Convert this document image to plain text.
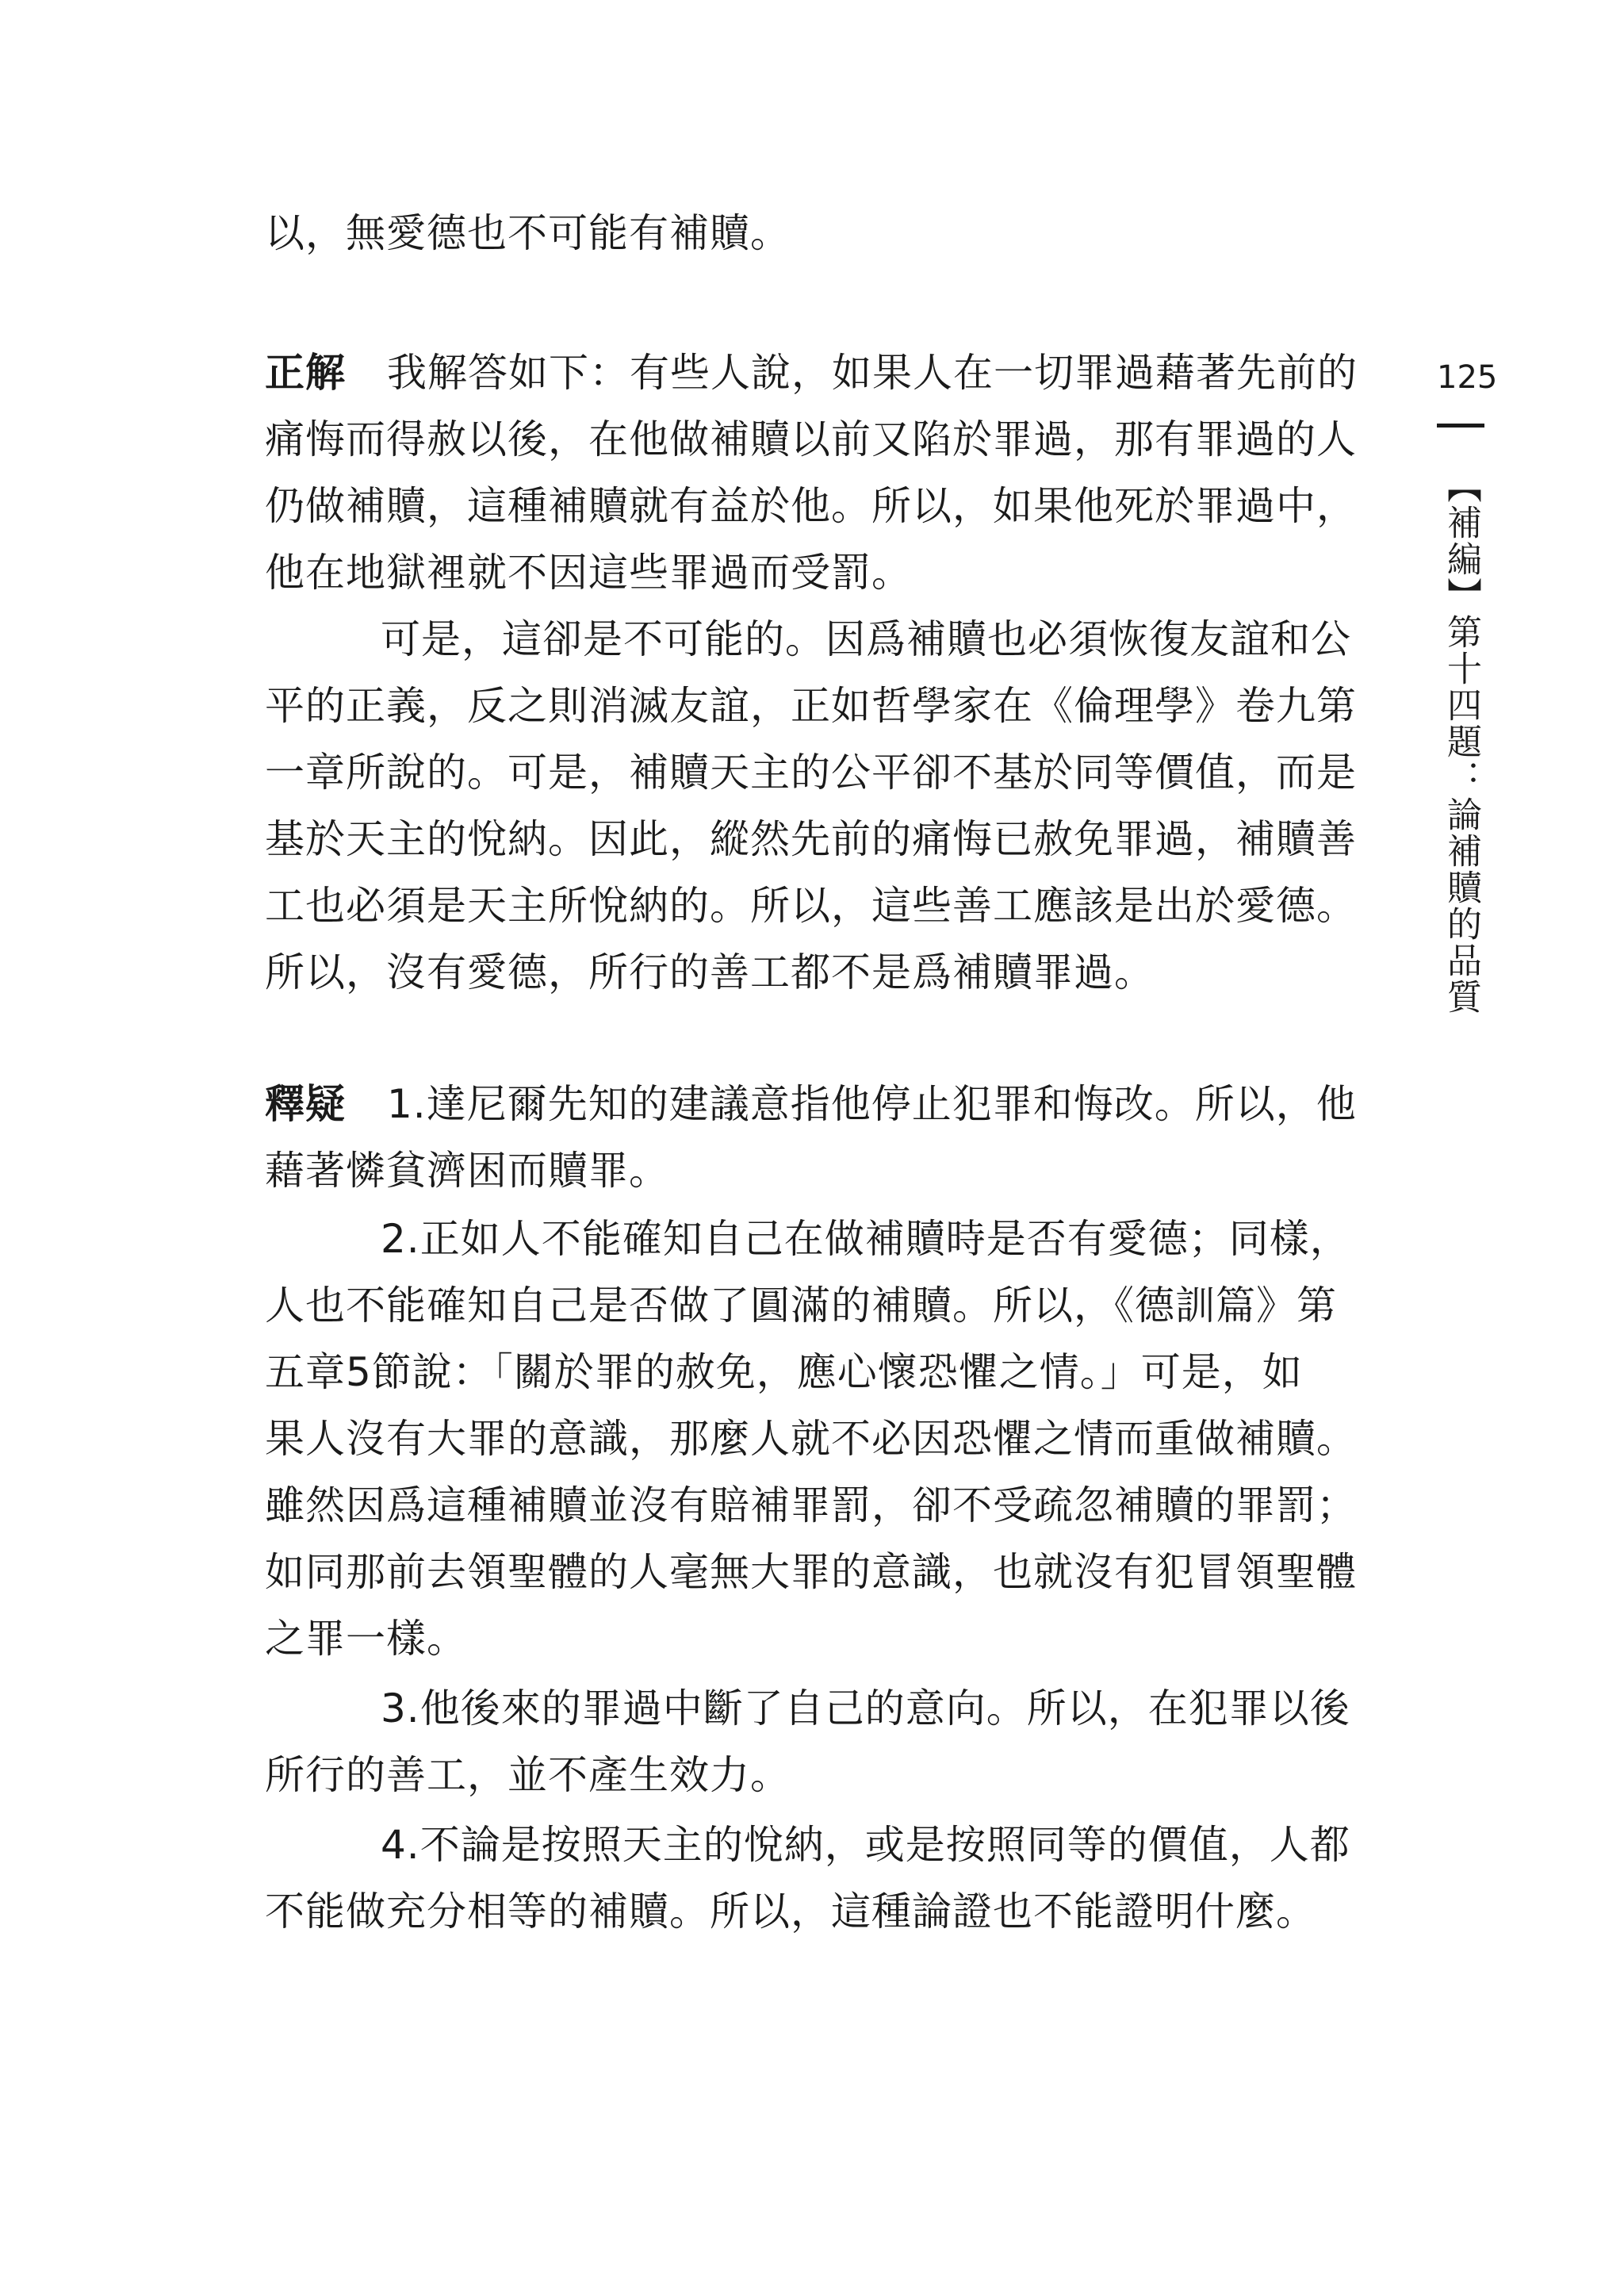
以，無愛德也不可能有補贖。
正解 我解答如下：有些人說，如果人在一切罪過藉著先前的
痛悔而得赦以後，在他做補贖以前又陷於罪過，那有罪過的人
仍做補贖，這種補贖就有益於他。所以，如果他死於罪過中，
他在地獄裡就不因這些罪過而受罰。
可是，這卻是不可能的。因爲補贖也必須恢復友誼和公
平的正義，反之則消滅友誼，正如哲學家在《倫理學》卷九第
一章所說的。可是，補贖天主的公平卻不基於同等價值，而是
基於天主的悅納。因此，縱然先前的痛悔已赦免罪過，補贖善
工也必須是天主所悅納的。所以，這些善工應該是出於愛德。
所以，沒有愛德，所行的善工都不是爲補贖罪過。
釋疑 1.達尼爾先知的建議意指他停止犯罪和悔改。所以，他
藉著憐貧濟困而贖罪。
2.正如人不能確知自己在做補贖時是否有愛德；同樣，
人也不能確知自己是否做了圓滿的補贖。所以，《德訓篇》第
五章5節說：「關於罪的赦免，應心懷恐懼之情。」可是，如
果人沒有大罪的意識，那麼人就不必因恐懼之情而重做補贖。
雖然因爲這種補贖並沒有賠補罪罰，卻不受疏忽補贖的罪罰；
如同那前去領聖體的人毫無大罪的意識，也就沒有犯冒領聖體
之罪一樣。
3.他後來的罪過中斷了自己的意向。所以，在犯罪以後
所行的善工，並不產生效力。
4.不論是按照天主的悅納，或是按照同等的價值，人都
不能做充分相等的補贖。所以，這種論證也不能證明什麼。
125
【補編】第十四題：論補贖的品質
